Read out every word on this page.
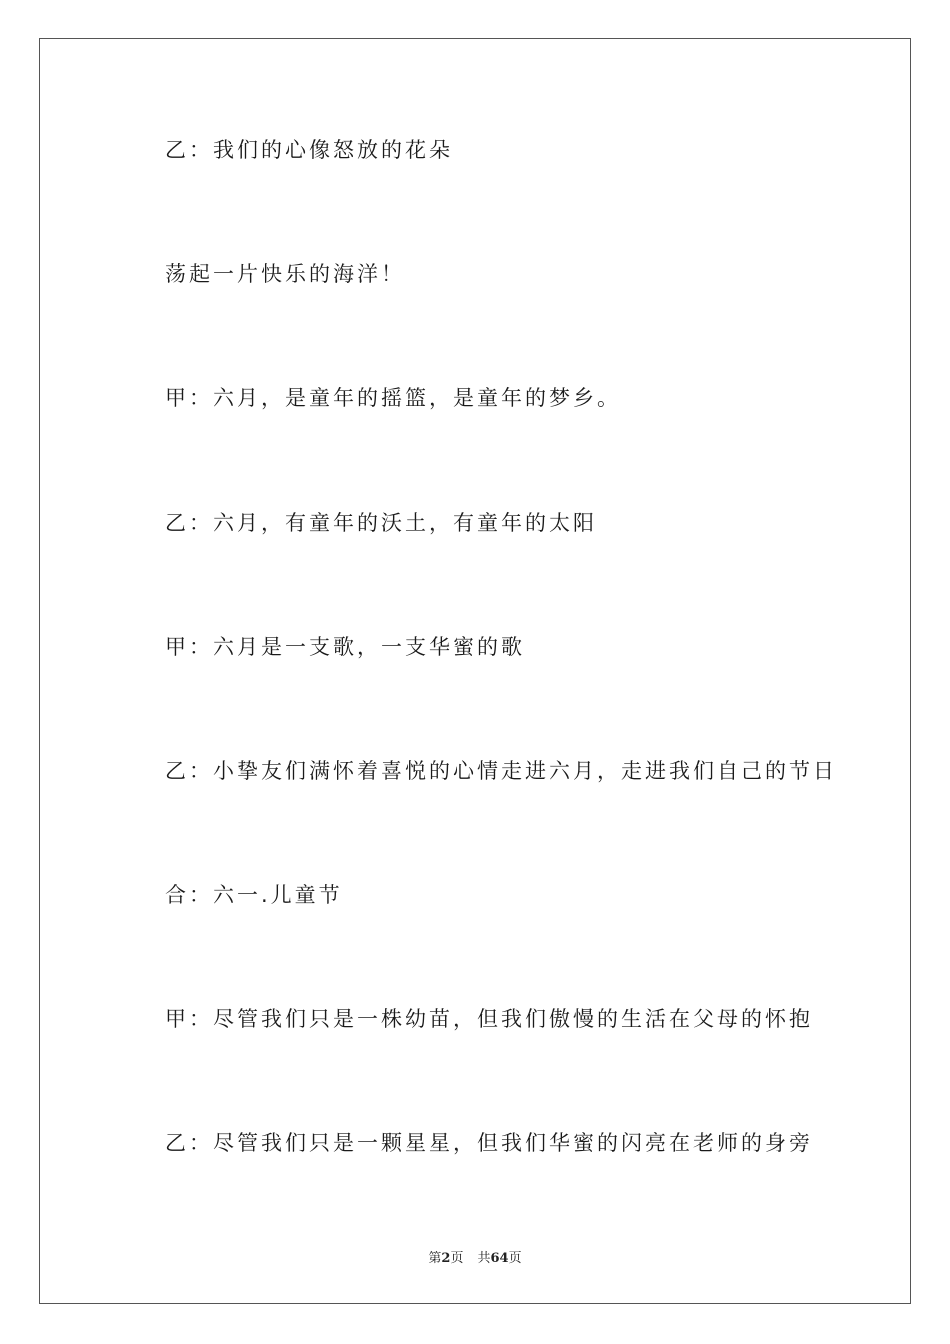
乙：我们的心像怒放的花朵

荡起一片快乐的海洋！

甲：六月，是童年的摇篮，是童年的梦乡。

乙：六月，有童年的沃土，有童年的太阳

甲：六月是一支歌，一支华蜜的歌

乙：小挚友们满怀着喜悦的心情走进六月，走进我们自己的节日

合：六一.儿童节

甲：尽管我们只是一株幼苗，但我们傲慢的生活在父母的怀抱

乙：尽管我们只是一颗星星，但我们华蜜的闪亮在老师的身旁

第2页 共64页
